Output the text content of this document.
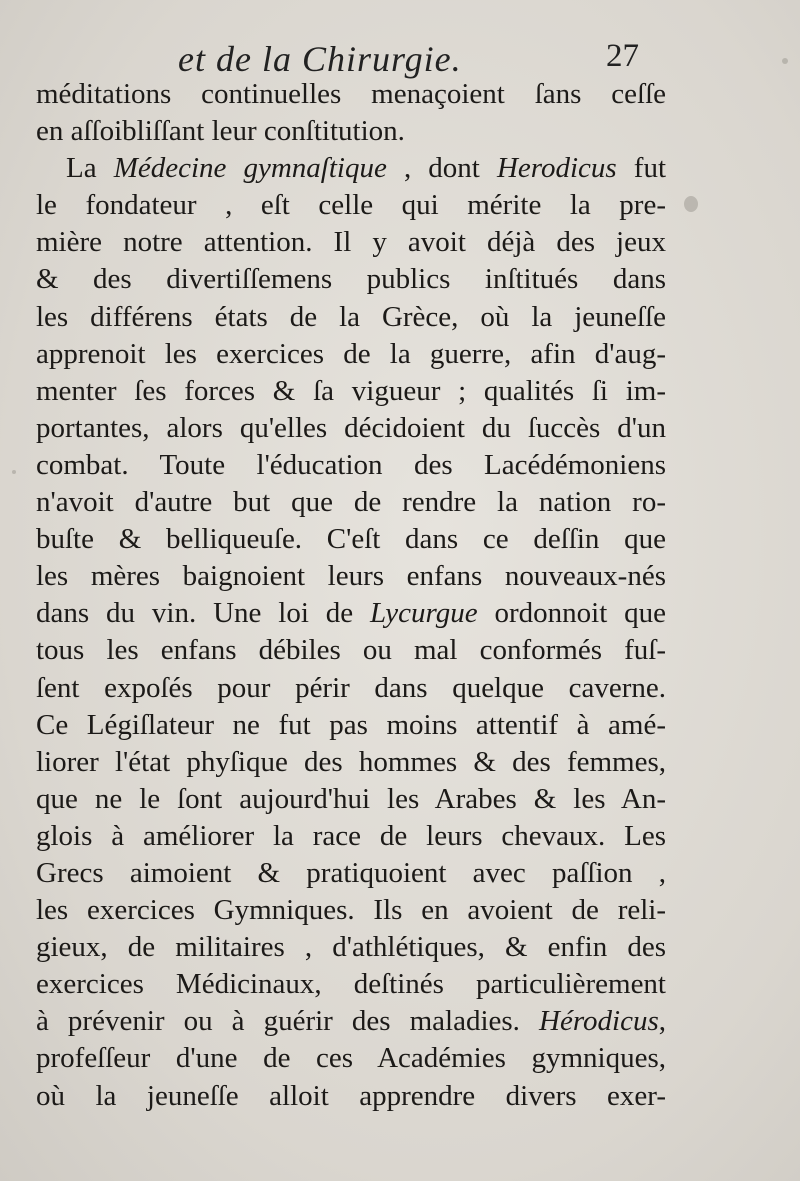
et de la Chirurgie.	27
méditations continuelles menaçoient ſans ceſſe
en aſſoibliſſant leur conſtitution.
La Médecine gymnaſtique , dont Herodicus fut
le fondateur , eſt celle qui mérite la pre-
mière notre attention. Il y avoit déjà des jeux
& des divertiſſemens publics inſtitués dans
les différens états de la Grèce, où la jeuneſſe
apprenoit les exercices de la guerre, afin d'aug-
menter ſes forces & ſa vigueur ; qualités ſi im-
portantes, alors qu'elles décidoient du ſuccès d'un
combat. Toute l'éducation des Lacédémoniens
n'avoit d'autre but que de rendre la nation ro-
buſte & belliqueuſe. C'eſt dans ce deſſin que
les mères baignoient leurs enfans nouveaux-nés
dans du vin. Une loi de Lycurgue ordonnoit que
tous les enfans débiles ou mal conformés fuſ-
ſent expoſés pour périr dans quelque caverne.
Ce Légiſlateur ne fut pas moins attentif à amé-
liorer l'état phyſique des hommes & des femmes,
que ne le ſont aujourd'hui les Arabes & les An-
glois à améliorer la race de leurs chevaux. Les
Grecs aimoient & pratiquoient avec paſſion ,
les exercices Gymniques. Ils en avoient de reli-
gieux, de militaires , d'athlétiques, & enfin des
exercices Médicinaux, deſtinés particulièrement
à prévenir ou à guérir des maladies. Hérodicus,
profeſſeur d'une de ces Académies gymniques,
où la jeuneſſe alloit apprendre divers exer-
